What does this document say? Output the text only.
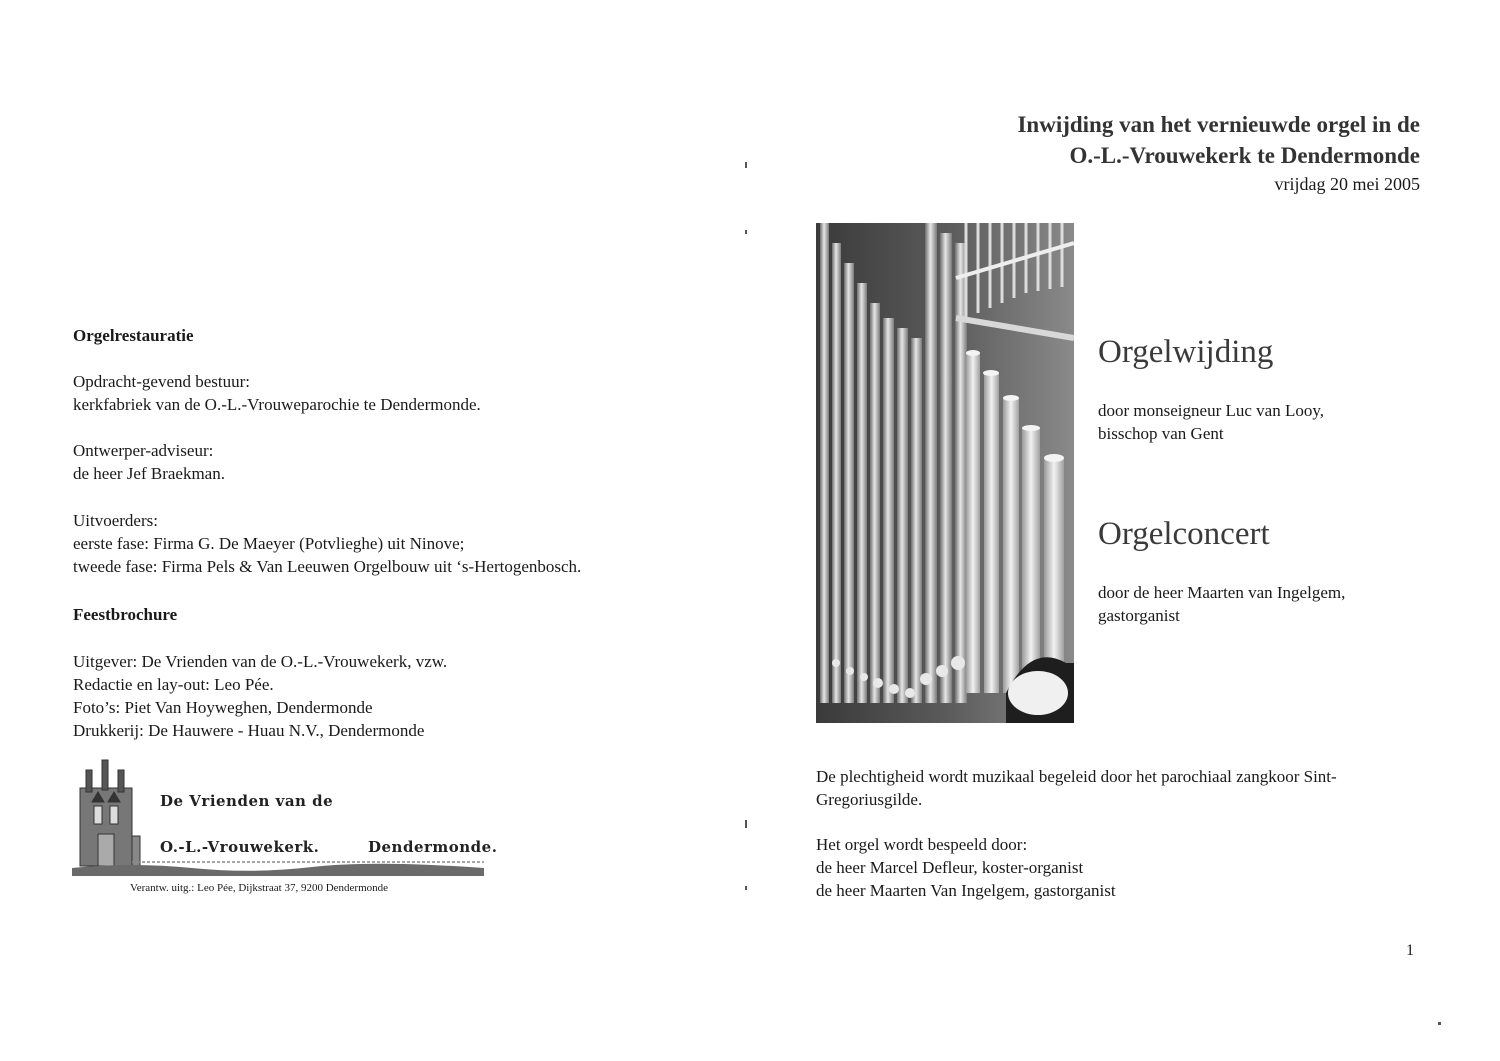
Orgelrestauratie
Opdracht-gevend bestuur:
kerkfabriek van de O.-L.-Vrouweparochie te Dendermonde.
Ontwerper-adviseur:
de heer Jef Braekman.
Uitvoerders:
eerste fase: Firma G. De Maeyer (Potvlieghe) uit Ninove;
tweede fase: Firma Pels & Van Leeuwen Orgelbouw uit ‘s-Hertogenbosch.
Feestbrochure
Uitgever: De Vrienden van de O.-L.-Vrouwekerk, vzw.
Redactie en lay-out: Leo Pée.
Foto’s: Piet Van Hoyweghen, Dendermonde
Drukkerij: De Hauwere - Huau N.V., Dendermonde
De Vrienden van de
O.-L.-Vrouwekerk.	Dendermonde.
Verantw. uitg.: Leo Pée, Dijkstraat 37, 9200 Dendermonde
Inwijding van het vernieuwde orgel in de
O.-L.-Vrouwekerk te Dendermonde
vrijdag 20 mei 2005
Orgelwijding
door monseigneur Luc van Looy,
bisschop van Gent
Orgelconcert
door de heer Maarten van Ingelgem,
gastorganist
De plechtigheid wordt muzikaal begeleid door het parochiaal zangkoor Sint-Gregoriusgilde.
Het orgel wordt bespeeld door:
de heer Marcel Defleur, koster-organist
de heer Maarten Van Ingelgem, gastorganist
1
